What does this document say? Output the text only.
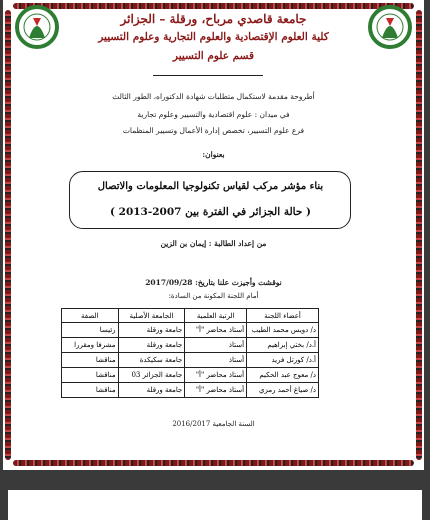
جامعة قاصدي مرباح، ورقلة – الجزائر
كلية العلوم الإقتصادية والعلوم التجارية وعلوم التسيير
قسم علوم التسيير
أطروحة مقدمة لاستكمال متطلبات شهادة الدكتوراه، الطور الثالث
في ميدان : علوم اقتصادية والتسيير وعلوم تجارية
فرع علوم التسيير، تخصص إدارة الأعمال وتسيير المنظمات
بعنوان:
بناء مؤشر مركب لقياس تكنولوجيا المعلومات والاتصال
( حالة الجزائر في الفترة بين 2007-2013 )
من إعداد الطالبة : إيمان بن الزين
نوقشت وأجيزت علنا بتاريخ: 2017/09/28
أمام اللجنة المكونة من السادة:
أعضاء اللجنة	الرتبة العلمية	الجامعة الأصلية	الصفة
د/ دويس محمد الطيب	أستاذ محاضر "أ"	جامعة ورقلة	رئيسا
أ.د/ بختي إبراهيم	أستاذ	جامعة ورقلة	مشرفا ومقررا
أ.د/ كورتل فريد	أستاذ	جامعة سكيكدة	مناقشا
د/ معوج عبد الحكيم	أستاذ محاضر "أ"	جامعة الجزائر 03	مناقشا
د/ صياغ أحمد رمزي	أستاذ محاضر "أ"	جامعة ورقلة	مناقشا
السنة الجامعية 2016/2017
